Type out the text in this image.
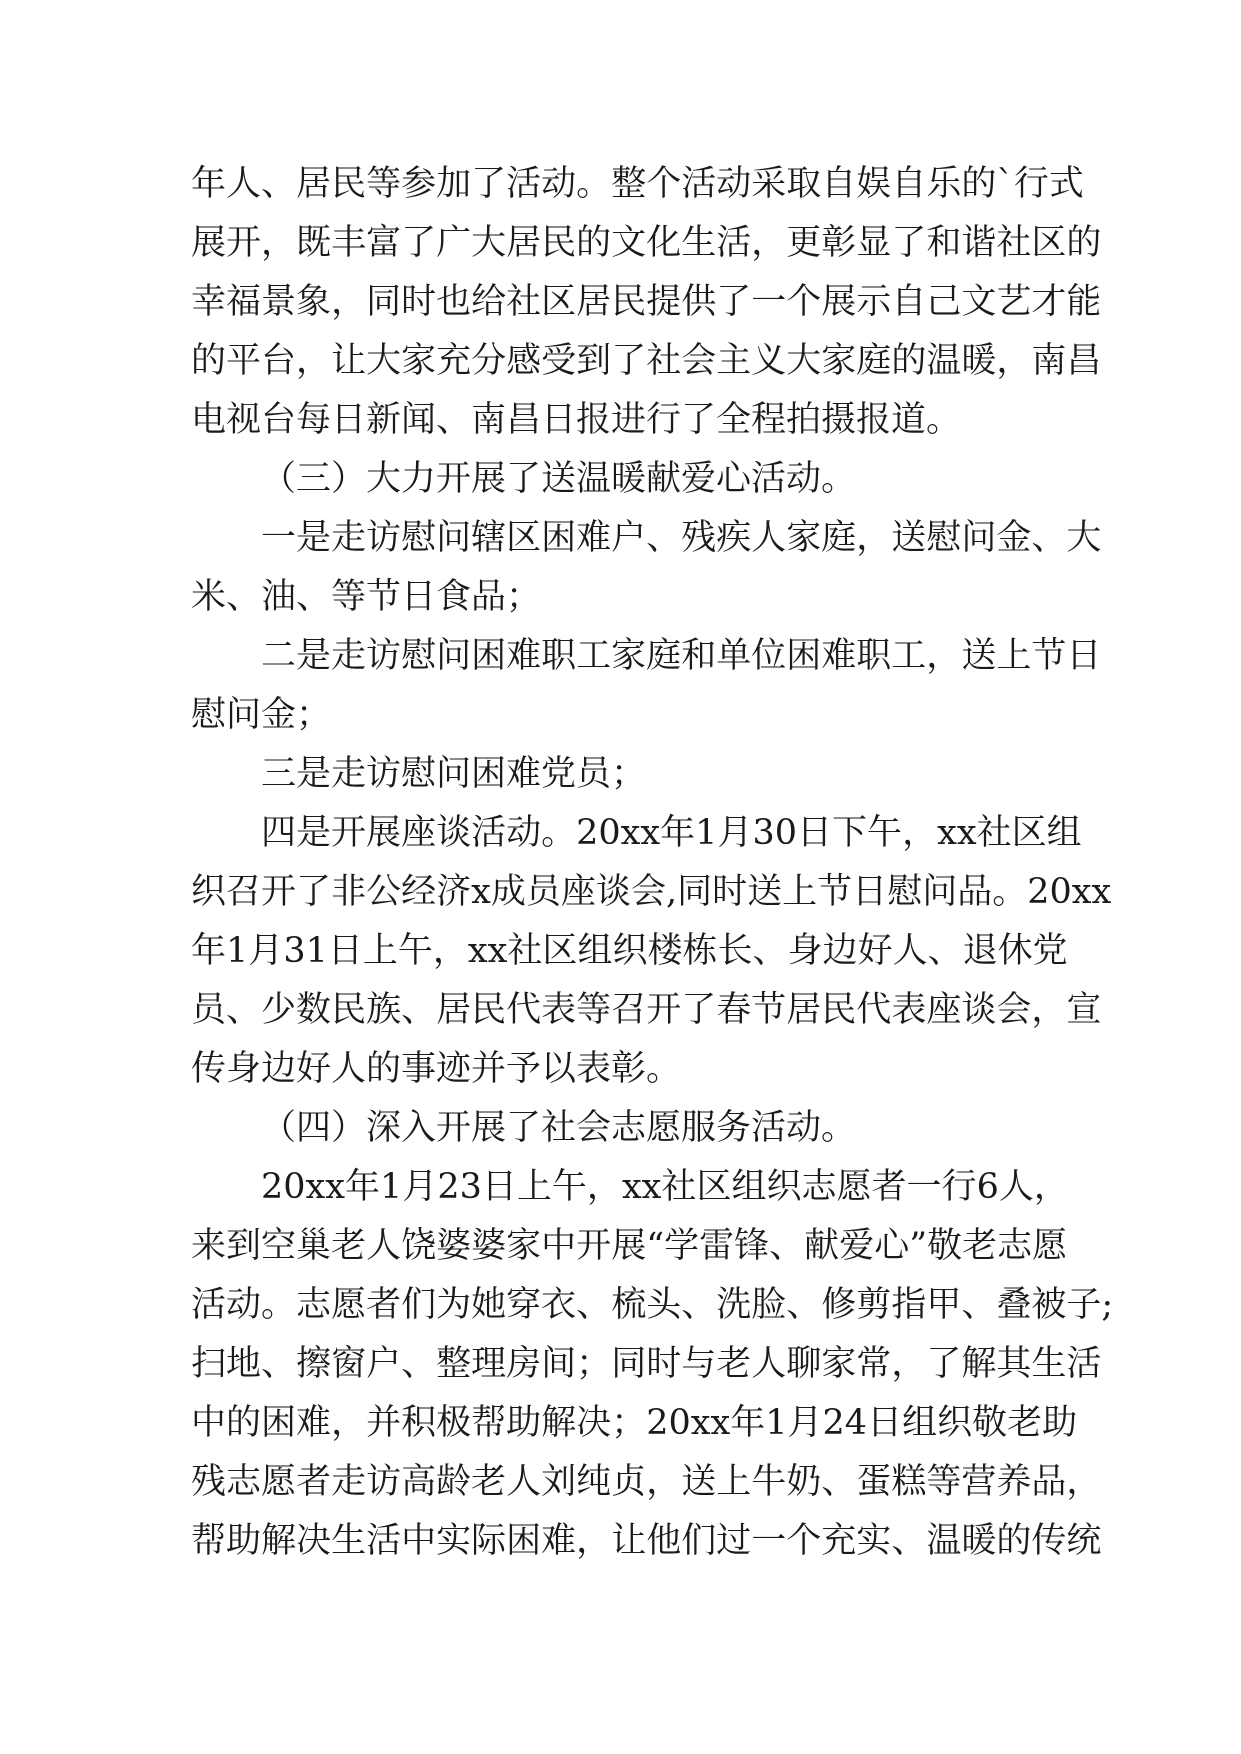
年 人 、 居 民 等 参 加 了 活 动 。 整 个 活 动 采 取 自 娱 自 乐 的 ` 行 式
展 开 ， 既 丰 富 了 广 大 居 民 的 文 化 生 活 ， 更 彰 显 了 和 谐 社 区 的
幸 福 景 象 ， 同 时 也 给 社 区 居 民 提 供 了 一 个 展 示 自 己 文 艺 才 能
的 平 台 ， 让 大 家 充 分 感 受 到 了 社 会 主 义 大 家 庭 的 温 暖 ， 南 昌
电视台每日新闻、南昌日报进行了全程拍摄报道。
（三）大力开展了送温暖献爱心活动。
一 是 走 访 慰 问 辖 区 困 难 户 、 残 疾 人 家 庭 ， 送 慰 问 金 、 大
米、油、等节日食品；
二 是 走 访 慰 问 困 难 职 工 家 庭 和 单 位 困 难 职 工 ， 送 上 节 日
慰问金；
三是走访慰问困难党员；
四 是 开 展 座 谈 活 动 。 20xx 年 1 月 30 日 下 午 ， xx 社 区 组
织 召 开 了 非 公 经 济 x 成 员 座 谈 会 , 同 时 送 上 节 日 慰 问 品 。 20xx
年 1 月 31 日 上 午 ， xx 社 区 组 织 楼 栋 长 、 身 边 好 人 、 退 休 党
员 、 少 数 民 族 、 居 民 代 表 等 召 开 了 春 节 居 民 代 表 座 谈 会 ， 宣
传身边好人的事迹并予以表彰。
（四）深入开展了社会志愿服务活动。
20xx 年 1 月 23 日 上 午 ， xx 社 区 组 织 志 愿 者 一 行 6 人 ，
来 到 空 巢 老 人 饶 婆 婆 家 中 开 展 “ 学 雷 锋 、 献 爱 心 ” 敬 老 志 愿
活 动 。 志 愿 者 们 为 她 穿 衣 、 梳 头 、 洗 脸 、 修 剪 指 甲 、 叠 被 子 ;
扫 地 、 擦 窗 户 、 整 理 房 间 ； 同 时 与 老 人 聊 家 常 ， 了 解 其 生 活
中 的 困 难 ， 并 积 极 帮 助 解 决 ； 20xx 年 1 月 24 日 组 织 敬 老 助
残 志 愿 者 走 访 高 龄 老 人 刘 纯 贞 ， 送 上 牛 奶 、 蛋 糕 等 营 养 品 ，
帮 助 解 决 生 活 中 实 际 困 难 ， 让 他 们 过 一 个 充 实 、 温 暖 的 传 统
